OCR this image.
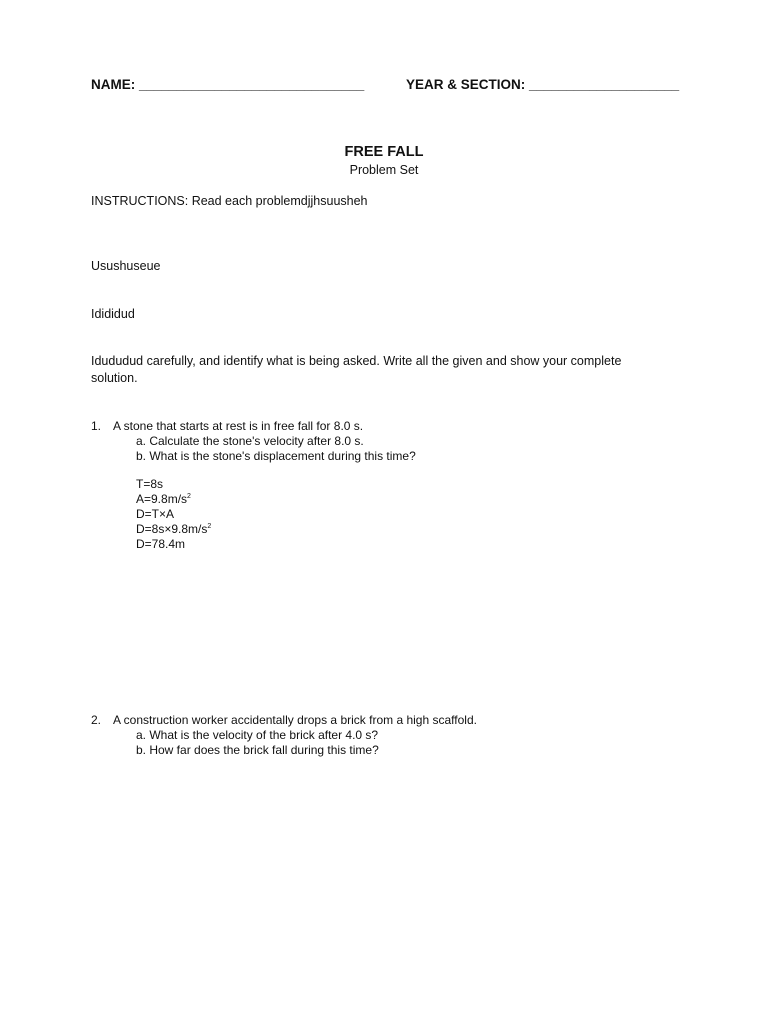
NAME: ______________________________	YEAR & SECTION: ____________________
FREE FALL
Problem Set
INSTRUCTIONS: Read each problemdjjhsuusheh
Usushuseue
Idididud
Idududud carefully, and identify what is being asked. Write all the given and show your complete solution.
1. A stone that starts at rest is in free fall for 8.0 s.
a. Calculate the stone's velocity after 8.0 s.
b. What is the stone's displacement during this time?
T=8s
$A=9.8m/s^2$
D=T×A
$D=8s\times 9.8m/s^2$
D=78.4m
2. A construction worker accidentally drops a brick from a high scaffold.
a. What is the velocity of the brick after 4.0 s?
b. How far does the brick fall during this time?
